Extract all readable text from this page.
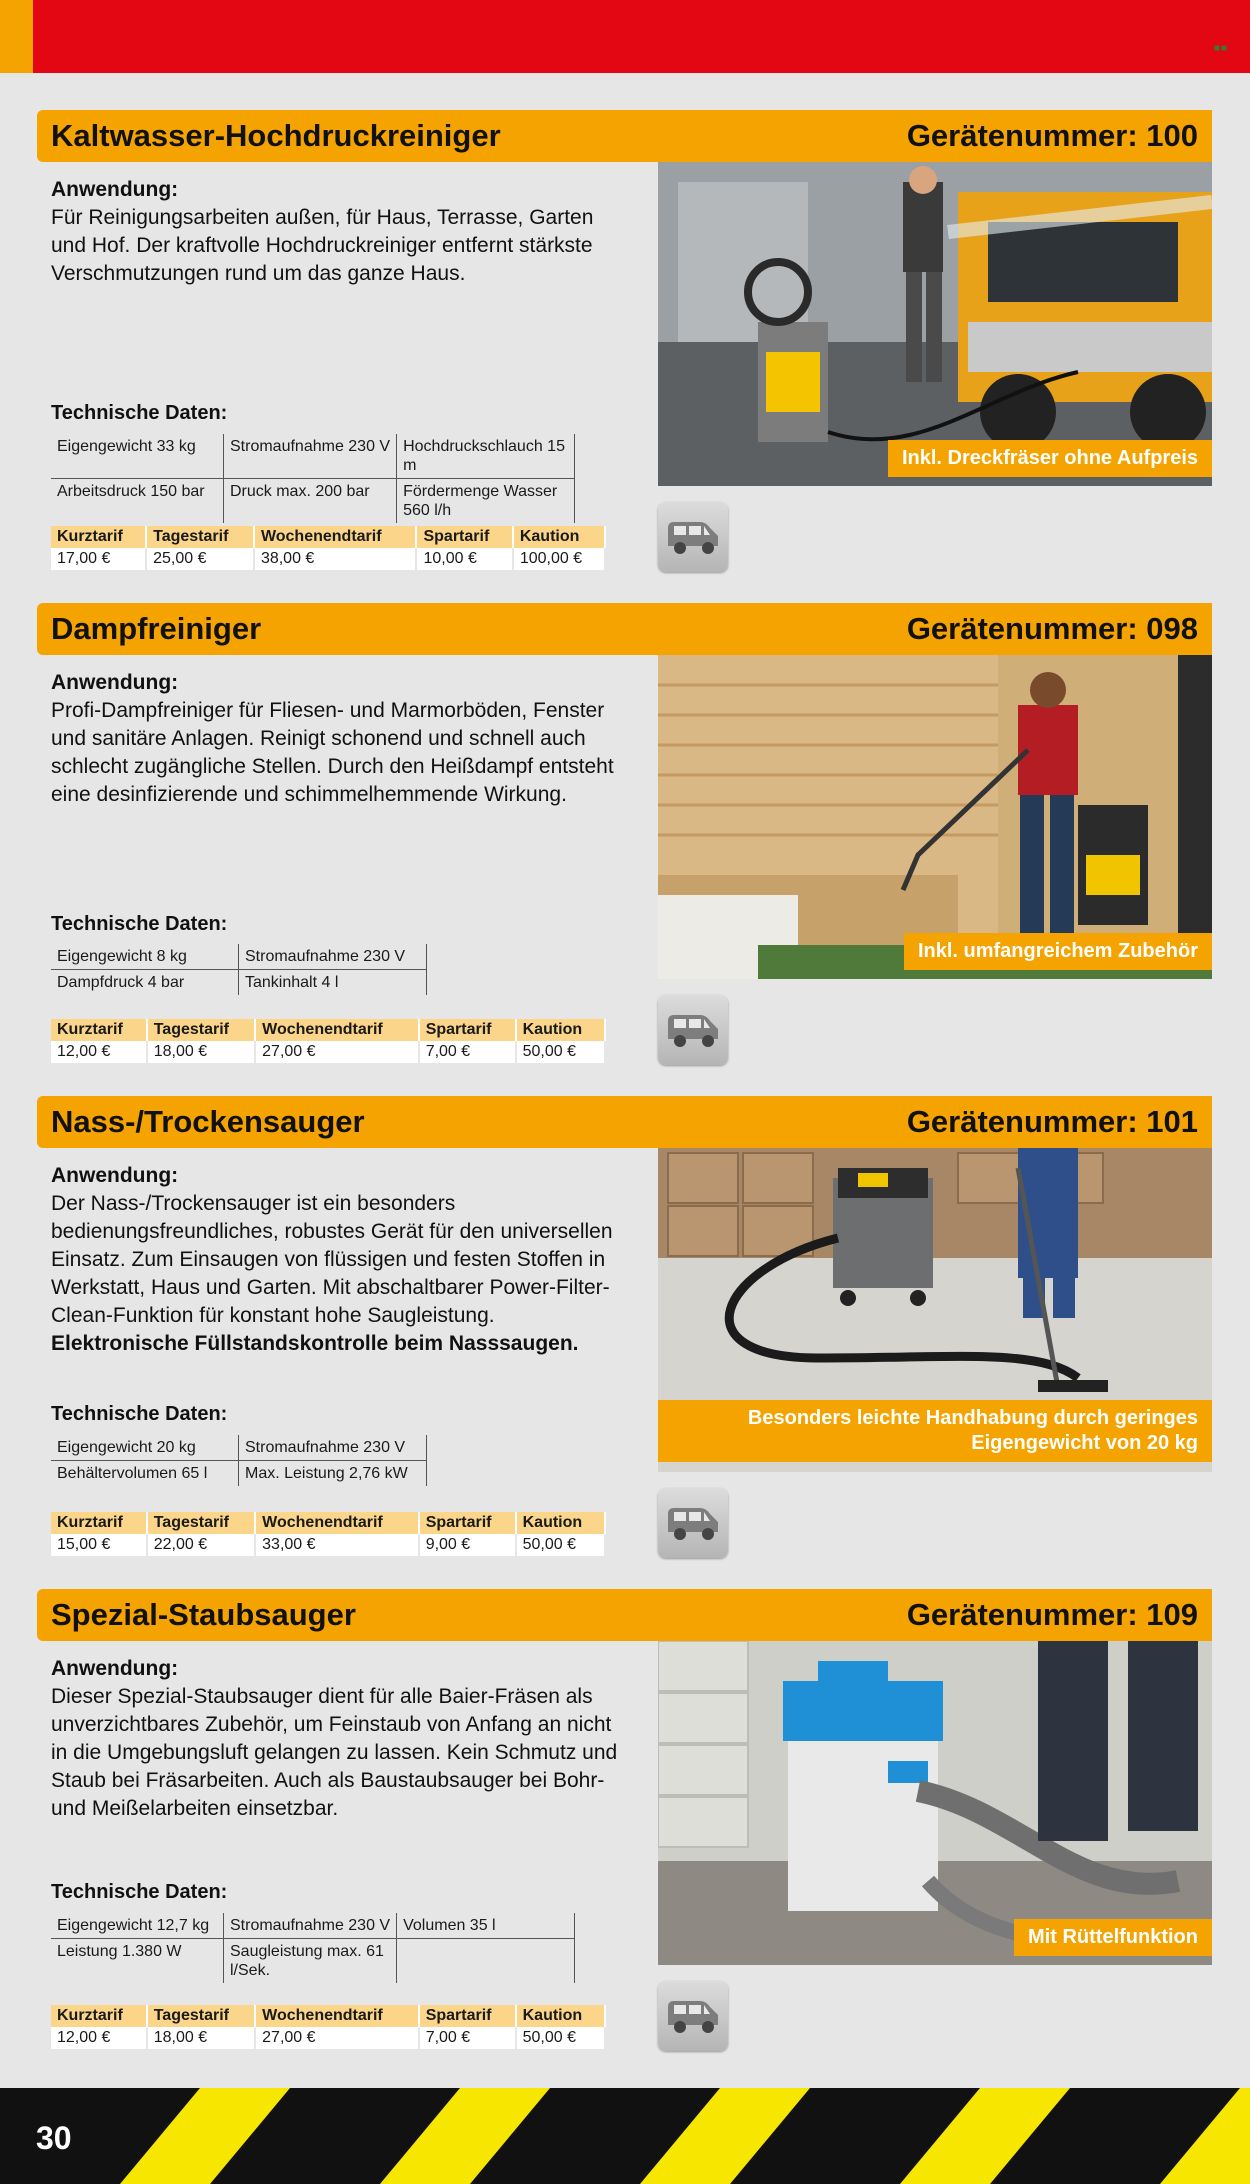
■■
Kaltwasser-Hochdruckreiniger	Gerätenummer: 100
Anwendung:
Für Reinigungsarbeiten außen, für Haus, Terrasse, Garten und Hof. Der kraftvolle Hochdruckreiniger entfernt stärkste Verschmutzungen rund um das ganze Haus.
Technische Daten:
Eigengewicht 33 kg	Stromaufnahme 230 V	Hochdruckschlauch 15 m
Arbeitsdruck 150 bar	Druck max. 200 bar	Fördermenge Wasser 560 l/h
Kurztarif	Tagestarif	Wochenendtarif	Spartarif	Kaution
17,00 €	25,00 €	38,00 €	10,00 €	100,00 €
Inkl. Dreckfräser ohne Aufpreis
Dampfreiniger	Gerätenummer: 098
Anwendung:
Profi-Dampfreiniger für Fliesen- und Marmorböden, Fenster und sanitäre Anlagen. Reinigt schonend und schnell auch schlecht zugängliche Stellen. Durch den Heißdampf entsteht eine desinfizierende und schimmelhemmende Wirkung.
Technische Daten:
Eigengewicht 8 kg	Stromaufnahme 230 V
Dampfdruck 4 bar	Tankinhalt 4 l
Kurztarif	Tagestarif	Wochenendtarif	Spartarif	Kaution
12,00 €	18,00 €	27,00 €	7,00 €	50,00 €
Inkl. umfangreichem Zubehör
Nass-/Trockensauger	Gerätenummer: 101
Anwendung:
Der Nass-/Trockensauger ist ein besonders bedienungsfreundliches, robustes Gerät für den universellen Einsatz. Zum Einsaugen von flüssigen und festen Stoffen in Werkstatt, Haus und Garten. Mit abschaltbarer Power-Filter-Clean-Funktion für konstant hohe Saugleistung. Elektronische Füllstandskontrolle beim Nasssaugen.
Technische Daten:
Eigengewicht 20 kg	Stromaufnahme 230 V
Behältervolumen 65 l	Max. Leistung 2,76 kW
Kurztarif	Tagestarif	Wochenendtarif	Spartarif	Kaution
15,00 €	22,00 €	33,00 €	9,00 €	50,00 €
Besonders leichte Handhabung durch geringes Eigengewicht von 20 kg
Spezial-Staubsauger	Gerätenummer: 109
Anwendung:
Dieser Spezial-Staubsauger dient für alle Baier-Fräsen als unverzichtbares Zubehör, um Feinstaub von Anfang an nicht in die Umgebungsluft gelangen zu lassen. Kein Schmutz und Staub bei Fräsarbeiten. Auch als Baustaubsauger bei Bohr- und Meißelarbeiten einsetzbar.
Technische Daten:
Eigengewicht 12,7 kg	Stromaufnahme 230 V	Volumen 35 l
Leistung 1.380 W	Saugleistung max. 61 l/Sek.	
Kurztarif	Tagestarif	Wochenendtarif	Spartarif	Kaution
12,00 €	18,00 €	27,00 €	7,00 €	50,00 €
Mit Rüttelfunktion
30
